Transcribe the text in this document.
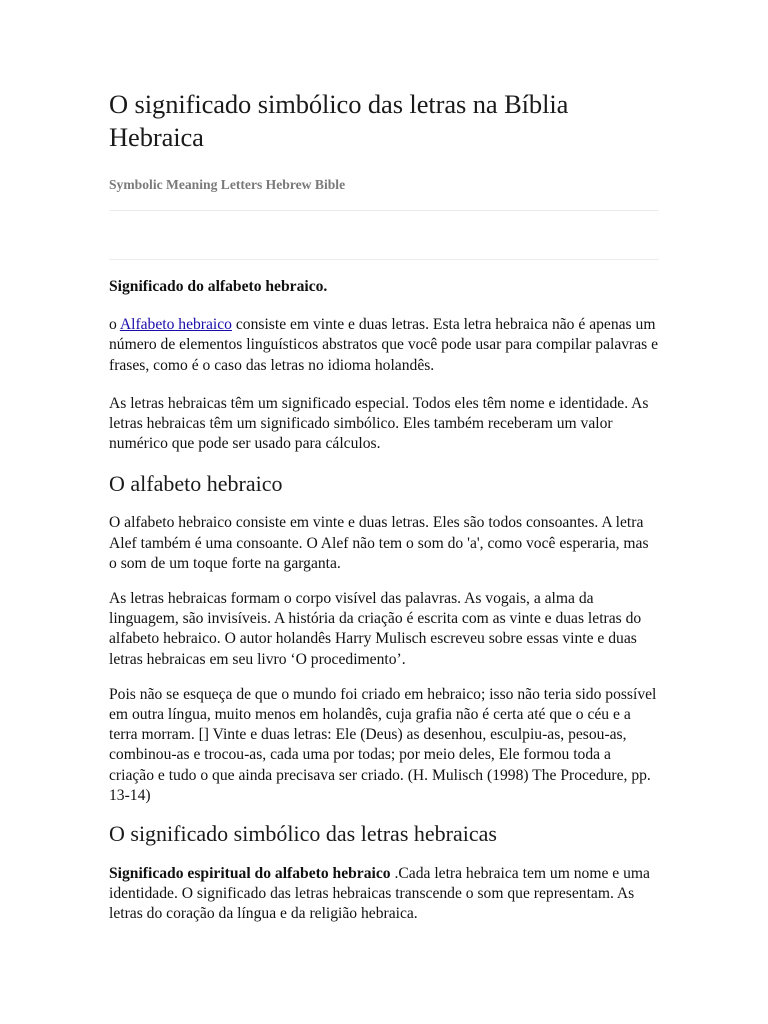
O significado simbólico das letras na Bíblia Hebraica
Symbolic Meaning Letters Hebrew Bible

Significado do alfabeto hebraico.

o Alfabeto hebraico consiste em vinte e duas letras. Esta letra hebraica não é apenas um número de elementos linguísticos abstratos que você pode usar para compilar palavras e frases, como é o caso das letras no idioma holandês.

As letras hebraicas têm um significado especial. Todos eles têm nome e identidade. As letras hebraicas têm um significado simbólico. Eles também receberam um valor numérico que pode ser usado para cálculos.

O alfabeto hebraico

O alfabeto hebraico consiste em vinte e duas letras. Eles são todos consoantes. A letra Alef também é uma consoante. O Alef não tem o som do 'a', como você esperaria, mas o som de um toque forte na garganta.

As letras hebraicas formam o corpo visível das palavras. As vogais, a alma da linguagem, são invisíveis. A história da criação é escrita com as vinte e duas letras do alfabeto hebraico. O autor holandês Harry Mulisch escreveu sobre essas vinte e duas letras hebraicas em seu livro ‘O procedimento’.

Pois não se esqueça de que o mundo foi criado em hebraico; isso não teria sido possível em outra língua, muito menos em holandês, cuja grafia não é certa até que o céu e a terra morram. [] Vinte e duas letras: Ele (Deus) as desenhou, esculpiu-as, pesou-as, combinou-as e trocou-as, cada uma por todas; por meio deles, Ele formou toda a criação e tudo o que ainda precisava ser criado. (H. Mulisch (1998) The Procedure, pp. 13-14)

O significado simbólico das letras hebraicas

Significado espiritual do alfabeto hebraico .Cada letra hebraica tem um nome e uma identidade. O significado das letras hebraicas transcende o som que representam. As letras do coração da língua e da religião hebraica.
